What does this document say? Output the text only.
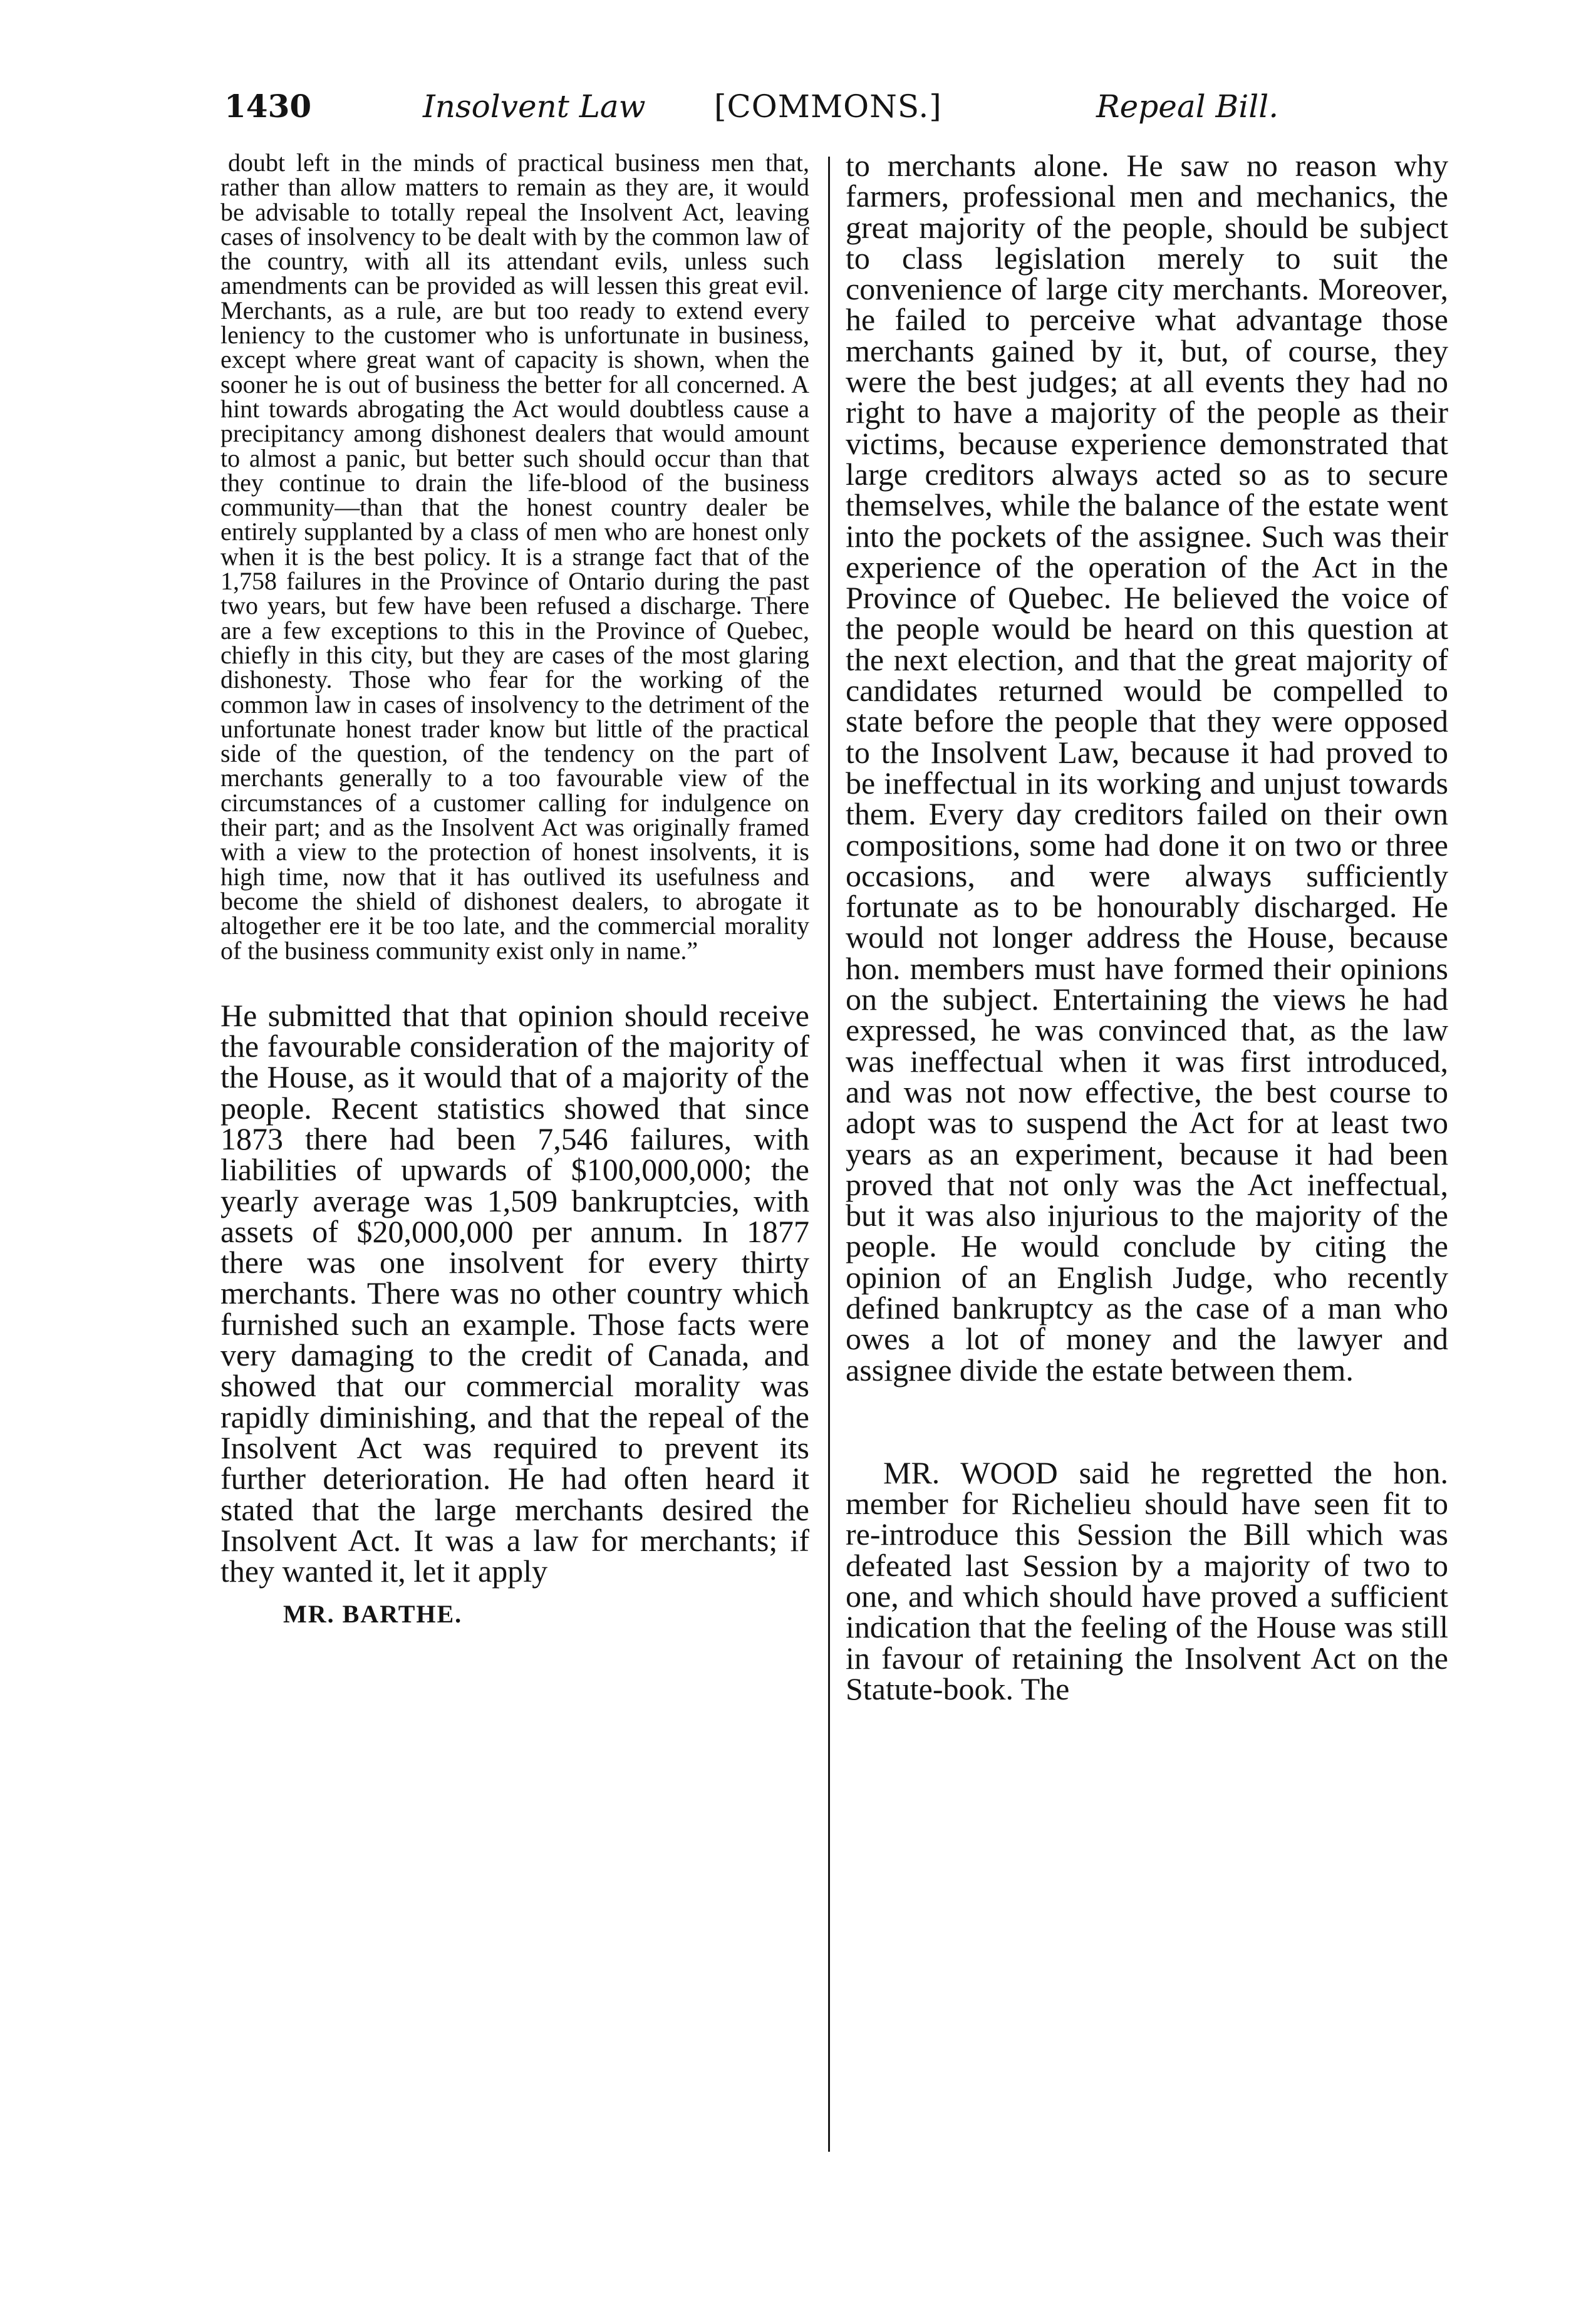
1430	Insolvent Law [COMMONS.]	Repeal Bill.

doubt left in the minds of practical business men that, rather than allow matters to remain as they are, it would be advisable to totally repeal the Insolvent Act, leaving cases of insolvency to be dealt with by the common law of the country, with all its attendant evils, unless such amendments can be provided as will lessen this great evil. Merchants, as a rule, are but too ready to extend every leniency to the customer who is unfortunate in business, except where great want of capacity is shown, when the sooner he is out of business the better for all concerned. A hint towards abrogating the Act would doubtless cause a precipitancy among dishonest dealers that would amount to almost a panic, but better such should occur than that they continue to drain the life-blood of the business community—than that the honest country dealer be entirely supplanted by a class of men who are honest only when it is the best policy. It is a strange fact that of the 1,758 failures in the Province of Ontario during the past two years, but few have been refused a discharge. There are a few exceptions to this in the Province of Quebec, chiefly in this city, but they are cases of the most glaring dishonesty. Those who fear for the working of the common law in cases of insolvency to the detriment of the unfortunate honest trader know but little of the practical side of the question, of the tendency on the part of merchants generally to a too favourable view of the circumstances of a customer calling for indulgence on their part; and as the Insolvent Act was originally framed with a view to the protection of honest insolvents, it is high time, now that it has outlived its usefulness and become the shield of dishonest dealers, to abrogate it altogether ere it be too late, and the commercial morality of the business community exist only in name.”

He submitted that that opinion should receive the favourable consideration of the majority of the House, as it would that of a majority of the people. Recent statistics showed that since 1873 there had been 7,546 failures, with liabilities of upwards of $100,000,000; the yearly average was 1,509 bankruptcies, with assets of $20,000,000 per annum. In 1877 there was one insolvent for every thirty merchants. There was no other country which furnished such an example. Those facts were very damaging to the credit of Canada, and showed that our commercial morality was rapidly diminishing, and that the repeal of the Insolvent Act was required to prevent its further deterioration. He had often heard it stated that the large merchants desired the Insolvent Act. It was a law for merchants; if they wanted it, let it apply

MR. BARTHE.

to merchants alone. He saw no reason why farmers, professional men and mechanics, the great majority of the people, should be subject to class legislation merely to suit the convenience of large city merchants. Moreover, he failed to perceive what advantage those merchants gained by it, but, of course, they were the best judges; at all events they had no right to have a majority of the people as their victims, because experience demonstrated that large creditors always acted so as to secure themselves, while the balance of the estate went into the pockets of the assignee. Such was their experience of the operation of the Act in the Province of Quebec. He believed the voice of the people would be heard on this question at the next election, and that the great majority of candidates returned would be compelled to state before the people that they were opposed to the Insolvent Law, because it had proved to be ineffectual in its working and unjust towards them. Every day creditors failed on their own compositions, some had done it on two or three occasions, and were always sufficiently fortunate as to be honourably discharged. He would not longer address the House, because hon. members must have formed their opinions on the subject. Entertaining the views he had expressed, he was convinced that, as the law was ineffectual when it was first introduced, and was not now effective, the best course to adopt was to suspend the Act for at least two years as an experiment, because it had been proved that not only was the Act ineffectual, but it was also injurious to the majority of the people. He would conclude by citing the opinion of an English Judge, who recently defined bankruptcy as the case of a man who owes a lot of money and the lawyer and assignee divide the estate between them.

MR. WOOD said he regretted the hon. member for Richelieu should have seen fit to re-introduce this Session the Bill which was defeated last Session by a majority of two to one, and which should have proved a sufficient indication that the feeling of the House was still in favour of retaining the Insolvent Act on the Statute-book. The
